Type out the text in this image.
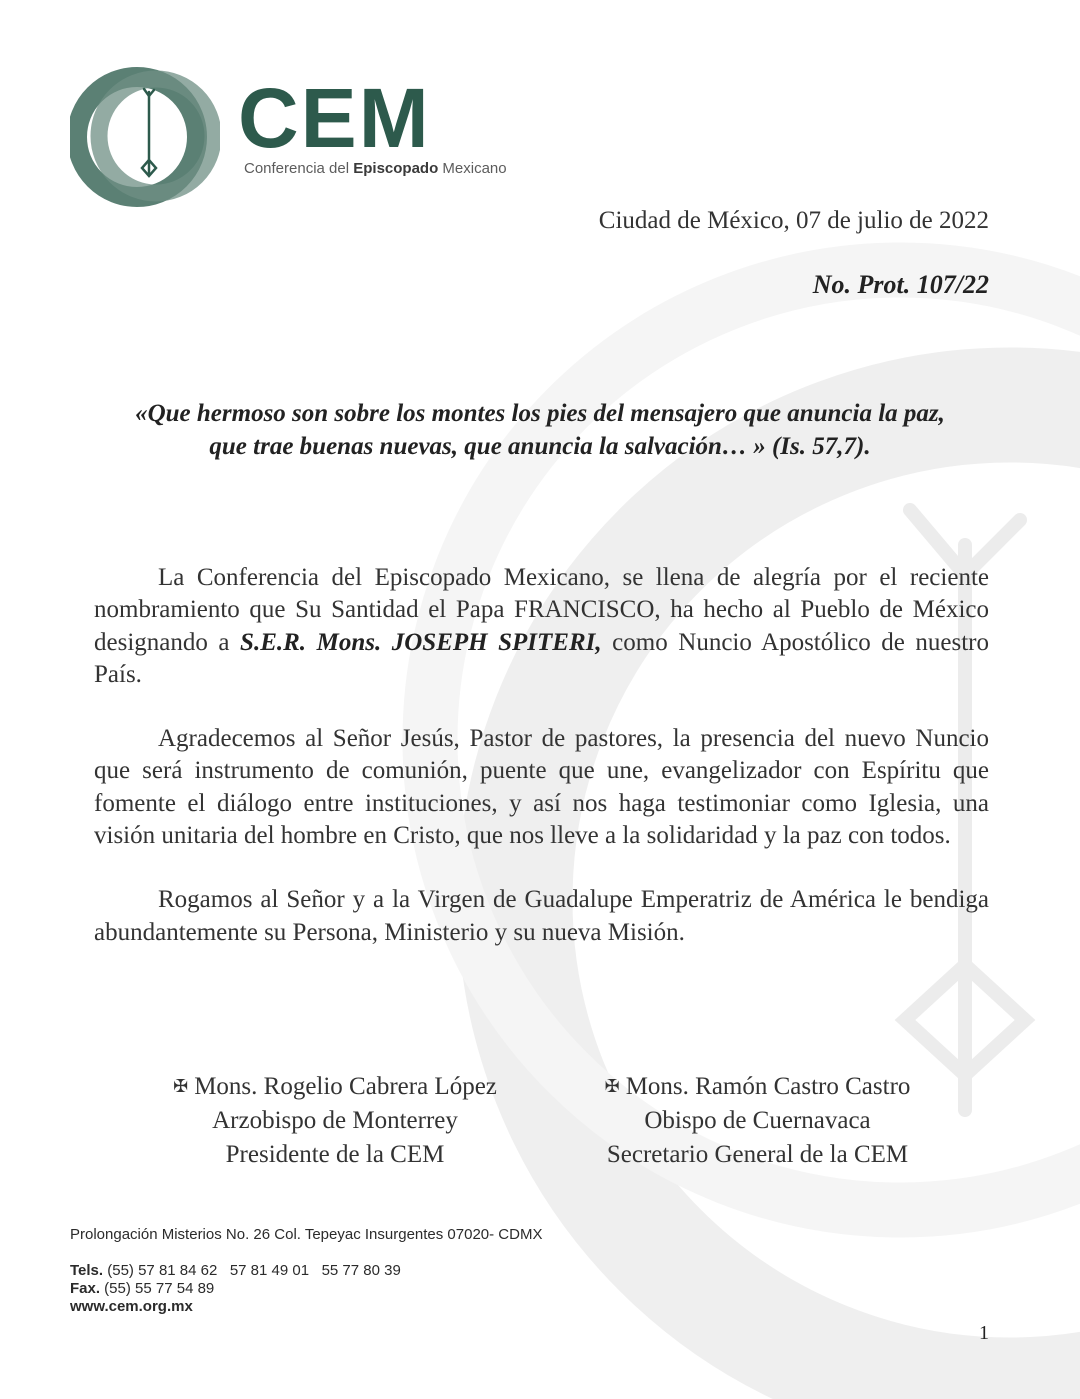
CEM
Conferencia del Episcopado Mexicano
Ciudad de México, 07 de julio de 2022
No. Prot. 107/22
«Que hermoso son sobre los montes los pies del mensajero que anuncia la paz,
que trae buenas nuevas, que anuncia la salvación… » (Is. 57,7).

La Conferencia del Episcopado Mexicano, se llena de alegría por el reciente nombramiento que Su Santidad el Papa FRANCISCO, ha hecho al Pueblo de México designando a S.E.R. Mons. JOSEPH SPITERI, como Nuncio Apostólico de nuestro País.

Agradecemos al Señor Jesús, Pastor de pastores, la presencia del nuevo Nuncio que será instrumento de comunión, puente que une, evangelizador con Espíritu que fomente el diálogo entre instituciones, y así nos haga testimoniar como Iglesia, una visión unitaria del hombre en Cristo, que nos lleve a la solidaridad y la paz con todos.

Rogamos al Señor y a la Virgen de Guadalupe Emperatriz de América le bendiga abundantemente su Persona, Ministerio y su nueva Misión.

✠ Mons. Rogelio Cabrera López
Arzobispo de Monterrey
Presidente de la CEM
✠ Mons. Ramón Castro Castro
Obispo de Cuernavaca
Secretario General de la CEM
Prolongación Misterios No. 26 Col. Tepeyac Insurgentes 07020- CDMX
Tels. (55) 57 81 84 62   57 81 49 01   55 77 80 39
Fax. (55) 55 77 54 89
www.cem.org.mx
1
